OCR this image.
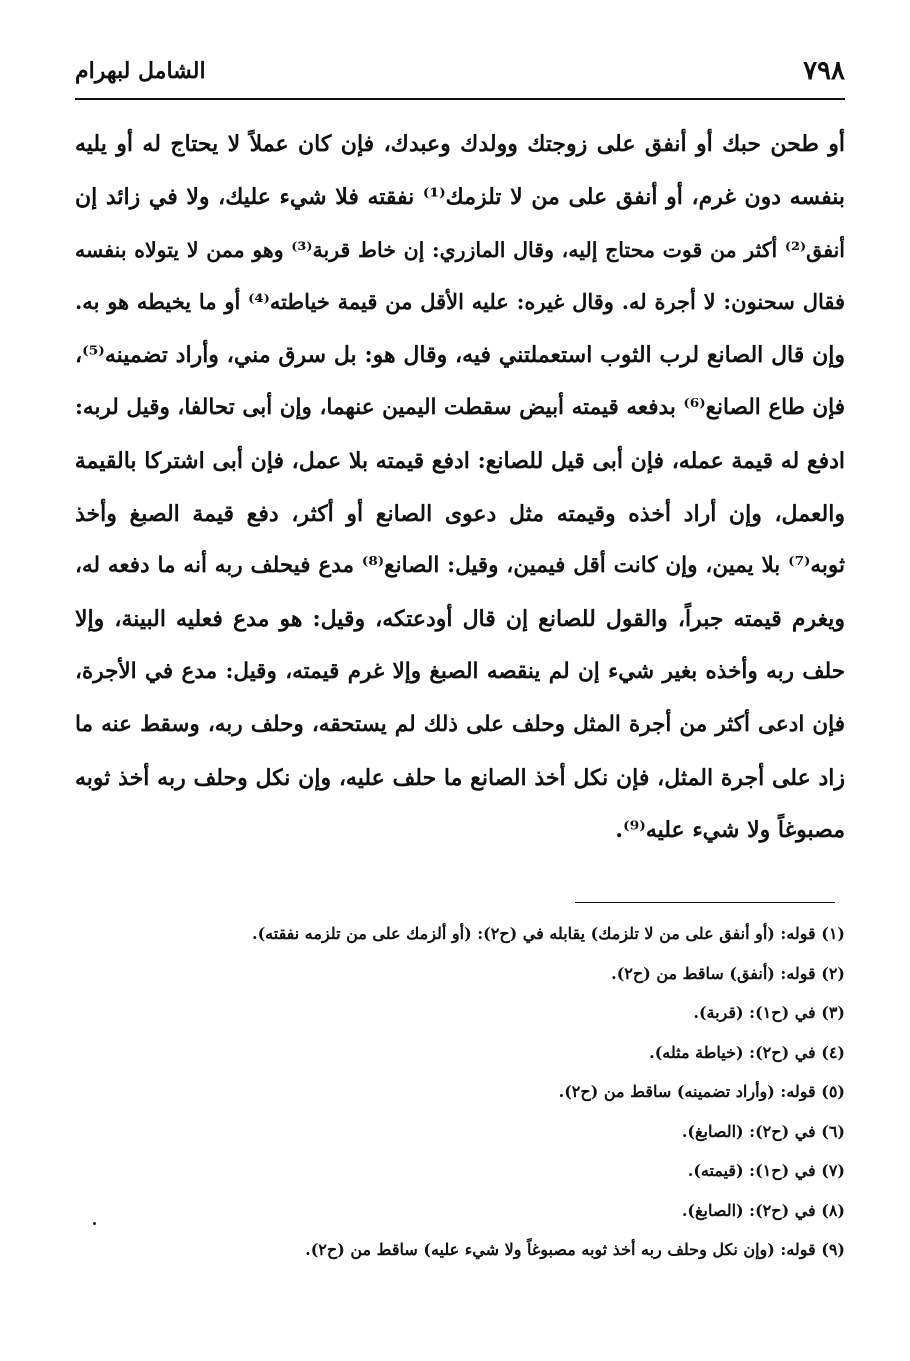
٧٩٨
الشامل لبهرام
أو طحن حبك أو أنفق على زوجتك وولدك وعبدك، فإن كان عملاً لا يحتاج له أو يليه
بنفسه دون غرم، أو أنفق على من لا تلزمك⁽¹⁾ نفقته فلا شيء عليك، ولا في زائد إن
أنفق⁽²⁾ أكثر من قوت محتاج إليه، وقال المازري: إن خاط قربة⁽³⁾ وهو ممن لا يتولاه بنفسه
فقال سحنون: لا أجرة له. وقال غيره: عليه الأقل من قيمة خياطته⁽⁴⁾ أو ما يخيطه هو به.
وإن قال الصانع لرب الثوب استعملتني فيه، وقال هو: بل سرق مني، وأراد تضمينه⁽⁵⁾،
فإن طاع الصانع⁽⁶⁾ بدفعه قيمته أبيض سقطت اليمين عنهما، وإن أبى تحالفا، وقيل لربه:
ادفع له قيمة عمله، فإن أبى قيل للصانع: ادفع قيمته بلا عمل، فإن أبى اشتركا بالقيمة
والعمل، وإن أراد أخذه وقيمته مثل دعوى الصانع أو أكثر، دفع قيمة الصبغ وأخذ
ثوبه⁽⁷⁾ بلا يمين، وإن كانت أقل فيمين، وقيل: الصانع⁽⁸⁾ مدع فيحلف ربه أنه ما دفعه له،
ويغرم قيمته جبراً، والقول للصانع إن قال أودعتكه، وقيل: هو مدع فعليه البينة، وإلا
حلف ربه وأخذه بغير شيء إن لم ينقصه الصبغ وإلا غرم قيمته، وقيل: مدع في الأجرة،
فإن ادعى أكثر من أجرة المثل وحلف على ذلك لم يستحقه، وحلف ربه، وسقط عنه ما
زاد على أجرة المثل، فإن نكل أخذ الصانع ما حلف عليه، وإن نكل وحلف ربه أخذ ثوبه
مصبوغاً ولا شيء عليه⁽⁹⁾.
(١) قوله: (أو أنفق على من لا تلزمك) يقابله في (ح٢): (أو ألزمك على من تلزمه نفقته).
(٢) قوله: (أنفق) ساقط من (ح٢).
(٣) في (ح١): (قربة).
(٤) في (ح٢): (خياطة مثله).
(٥) قوله: (وأراد تضمينه) ساقط من (ح٢).
(٦) في (ح٢): (الصابغ).
(٧) في (ح١): (قيمته).
(٨) في (ح٢): (الصابغ).
(٩) قوله: (وإن نكل وحلف ربه أخذ ثوبه مصبوغاً ولا شيء عليه) ساقط من (ح٢).
